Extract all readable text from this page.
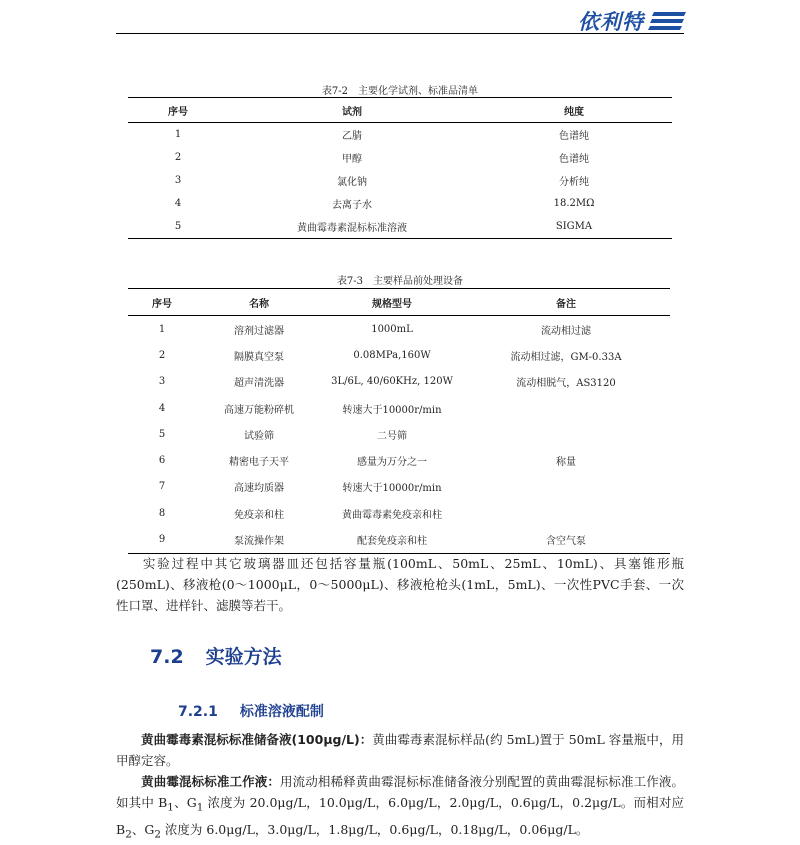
依利特
表7-2　主要化学试剂、标准品清单
序号	试剂	纯度
1	乙腈	色谱纯
2	甲醇	色谱纯
3	氯化钠	分析纯
4	去离子水	18.2MΩ
5	黄曲霉毒素混标标准溶液	SIGMA
表7-3　主要样品前处理设备
序号	名称	规格型号	备注
1	溶剂过滤器	1000mL	流动相过滤
2	隔膜真空泵	0.08MPa,160W	流动相过滤，GM-0.33A
3	超声清洗器	3L/6L, 40/60KHz, 120W	流动相脱气，AS3120
4	高速万能粉碎机	转速大于10000r/min	
5	试验筛	二号筛	
6	精密电子天平	感量为万分之一	称量
7	高速均质器	转速大于10000r/min	
8	免疫亲和柱	黄曲霉毒素免疫亲和柱	
9	泵流操作架	配套免疫亲和柱	含空气泵
实验过程中其它玻璃器皿还包括容量瓶(100mL、50mL、25mL、10mL)、具塞锥形瓶(250mL)、移液枪(0～1000μL，0～5000μL)、移液枪枪头(1mL，5mL)、一次性PVC手套、一次性口罩、进样针、滤膜等若干。
7.2 实验方法
7.2.1 标准溶液配制
黄曲霉毒素混标标准储备液(100μg/L)：黄曲霉毒素混标样品(约 5mL)置于 50mL 容量瓶中，用甲醇定容。
黄曲霉混标标准工作液：用流动相稀释黄曲霉混标标准储备液分别配置的黄曲霉混标标准工作液。如其中 $B_1$、$G_1$ 浓度为 20.0μg/L，10.0μg/L，6.0μg/L，2.0μg/L，0.6μg/L，0.2μg/L。而相对应 $B_2$、$G_2$ 浓度为 6.0μg/L，3.0μg/L，1.8μg/L，0.6μg/L，0.18μg/L，0.06μg/L。
